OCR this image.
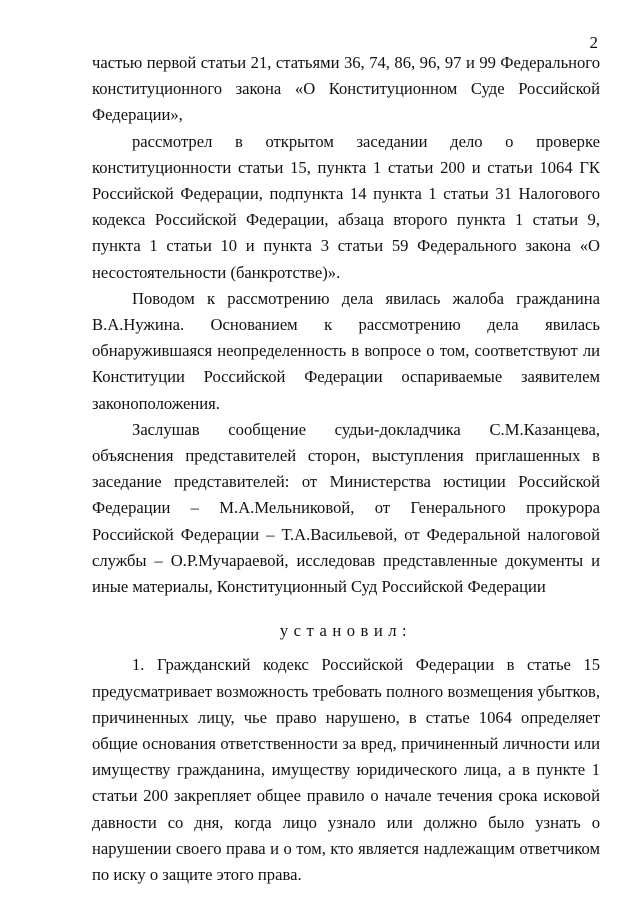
2

частью первой статьи 21, статьями 36, 74, 86, 96, 97 и 99 Федерального конституционного закона «О Конституционном Суде Российской Федерации»,

рассмотрел в открытом заседании дело о проверке конституционности статьи 15, пункта 1 статьи 200 и статьи 1064 ГК Российской Федерации, подпункта 14 пункта 1 статьи 31 Налогового кодекса Российской Федерации, абзаца второго пункта 1 статьи 9, пункта 1 статьи 10 и пункта 3 статьи 59 Федерального закона «О несостоятельности (банкротстве)».

Поводом к рассмотрению дела явилась жалоба гражданина В.А.Нужина. Основанием к рассмотрению дела явилась обнаружившаяся неопределенность в вопросе о том, соответствуют ли Конституции Российской Федерации оспариваемые заявителем законоположения.

Заслушав сообщение судьи-докладчика С.М.Казанцева, объяснения представителей сторон, выступления приглашенных в заседание представителей: от Министерства юстиции Российской Федерации – М.А.Мельниковой, от Генерального прокурора Российской Федерации – Т.А.Васильевой, от Федеральной налоговой службы – О.Р.Мучараевой, исследовав представленные документы и иные материалы, Конституционный Суд Российской Федерации

установил:

1. Гражданский кодекс Российской Федерации в статье 15 предусматривает возможность требовать полного возмещения убытков, причиненных лицу, чье право нарушено, в статье 1064 определяет общие основания ответственности за вред, причиненный личности или имуществу гражданина, имуществу юридического лица, а в пункте 1 статьи 200 закрепляет общее правило о начале течения срока исковой давности со дня, когда лицо узнало или должно было узнать о нарушении своего права и о том, кто является надлежащим ответчиком по иску о защите этого права.
